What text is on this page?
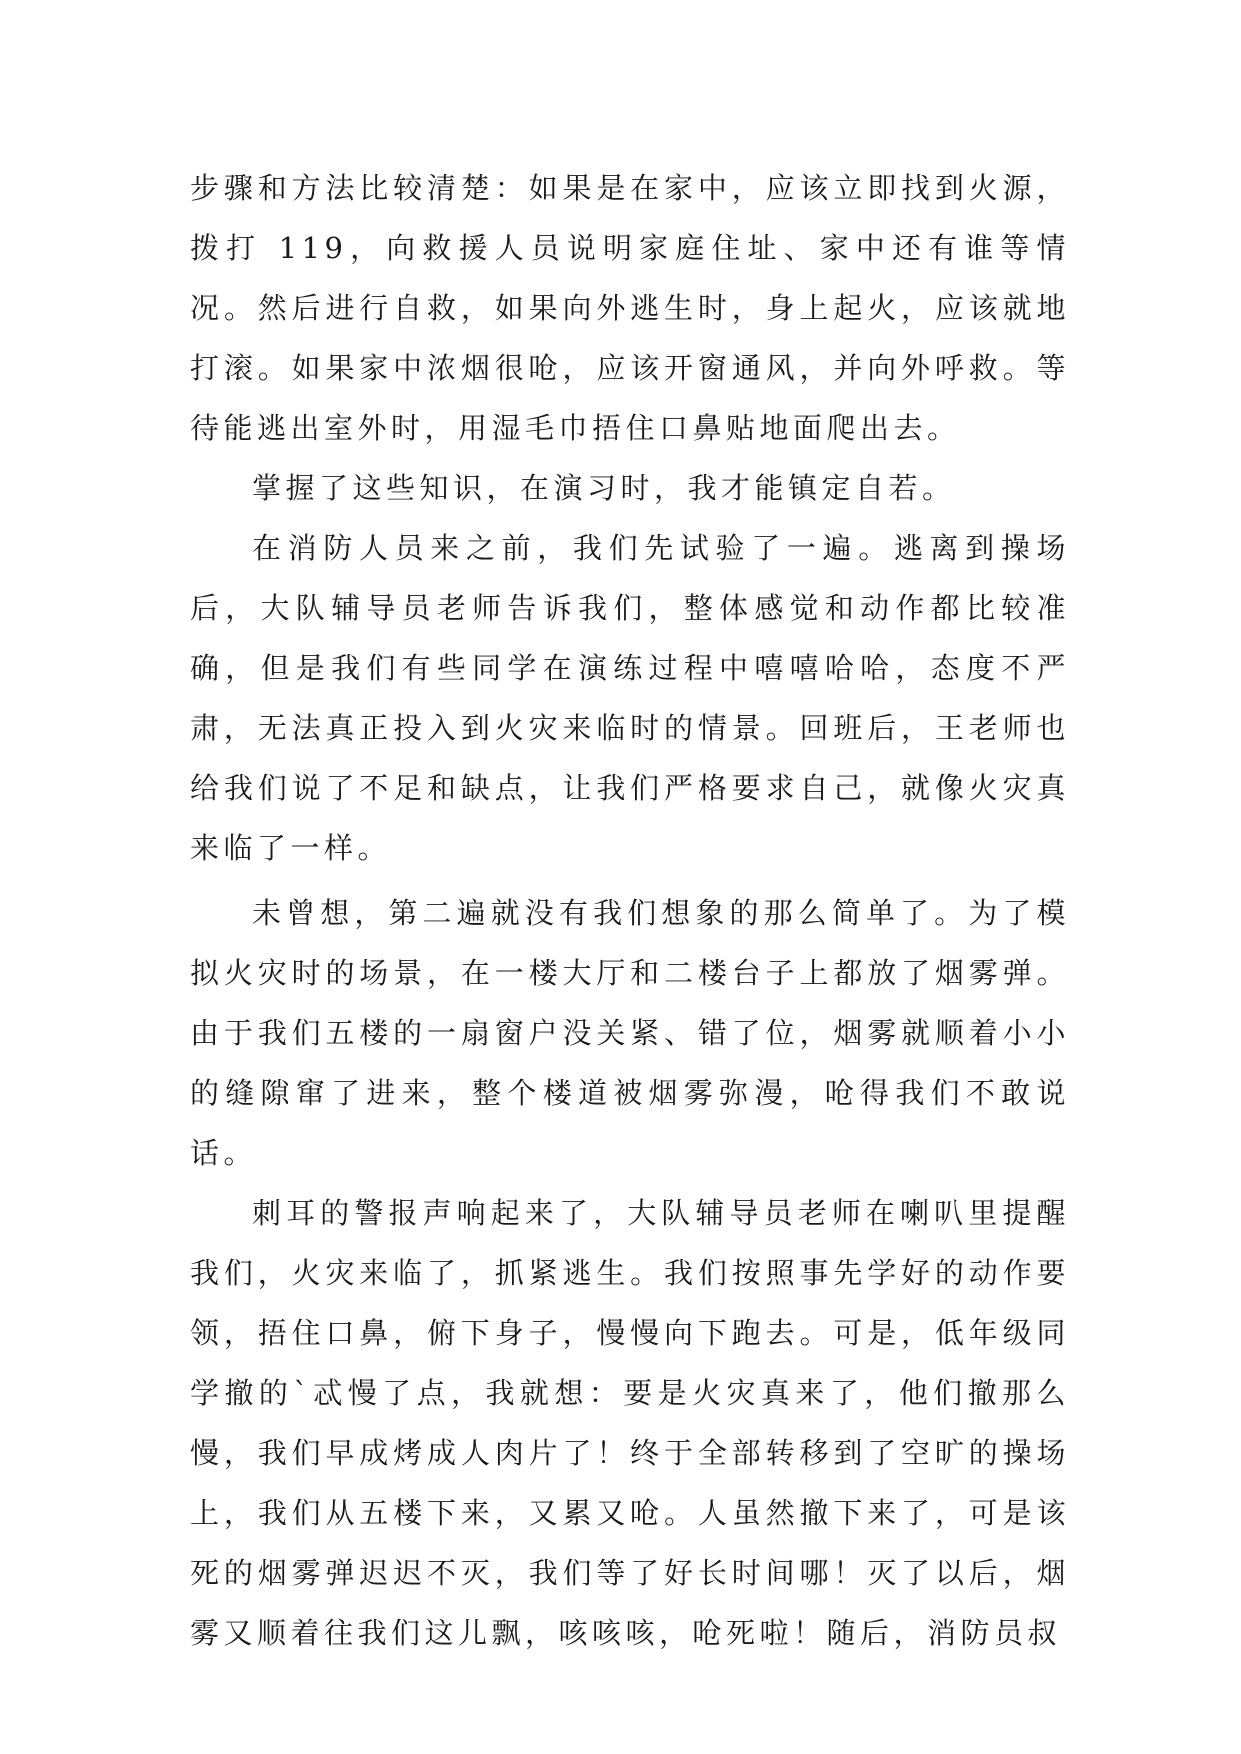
步骤和方法比较清楚：如果是在家中，应该立即找到火源，拨打 119，向救援人员说明家庭住址、家中还有谁等情况。然后进行自救，如果向外逃生时，身上起火，应该就地打滚。如果家中浓烟很呛，应该开窗通风，并向外呼救。等待能逃出室外时，用湿毛巾捂住口鼻贴地面爬出去。

掌握了这些知识，在演习时，我才能镇定自若。

在消防人员来之前，我们先试验了一遍。逃离到操场后，大队辅导员老师告诉我们，整体感觉和动作都比较准确，但是我们有些同学在演练过程中嘻嘻哈哈，态度不严肃，无法真正投入到火灾来临时的情景。回班后，王老师也给我们说了不足和缺点，让我们严格要求自己，就像火灾真来临了一样。

未曾想，第二遍就没有我们想象的那么简单了。为了模拟火灾时的场景，在一楼大厅和二楼台子上都放了烟雾弹。由于我们五楼的一扇窗户没关紧、错了位，烟雾就顺着小小的缝隙窜了进来，整个楼道被烟雾弥漫，呛得我们不敢说话。

刺耳的警报声响起来了，大队辅导员老师在喇叭里提醒我们，火灾来临了，抓紧逃生。我们按照事先学好的动作要领，捂住口鼻，俯下身子，慢慢向下跑去。可是，低年级同学撤的`忒慢了点，我就想：要是火灾真来了，他们撤那么慢，我们早成烤成人肉片了！终于全部转移到了空旷的操场上，我们从五楼下来，又累又呛。人虽然撤下来了，可是该死的烟雾弹迟迟不灭，我们等了好长时间哪！灭了以后，烟雾又顺着往我们这儿飘，咳咳咳，呛死啦！随后，消防员叔
